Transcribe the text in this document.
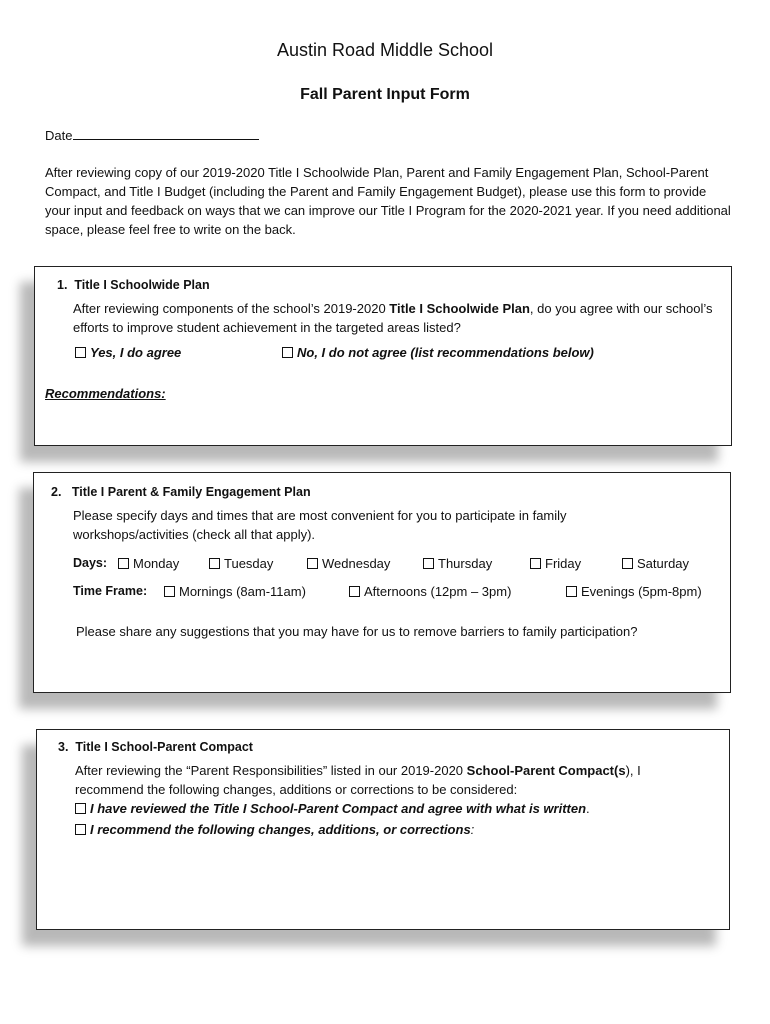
Austin Road Middle School
Fall Parent Input Form
Date
After reviewing copy of our 2019-2020 Title I Schoolwide Plan, Parent and Family Engagement Plan, School-Parent Compact, and Title I Budget (including the Parent and Family Engagement Budget), please use this form to provide your input and feedback on ways that we can improve our Title I Program for the 2020-2021 year. If you need additional space, please feel free to write on the back.
1. Title I Schoolwide Plan
After reviewing components of the school’s 2019-2020 Title I Schoolwide Plan, do you agree with our school’s efforts to improve student achievement in the targeted areas listed?
Yes, I do agree	No, I do not agree (list recommendations below)
Recommendations:
2. Title I Parent & Family Engagement Plan
Please specify days and times that are most convenient for you to participate in family workshops/activities (check all that apply).
Days:	Monday	Tuesday	Wednesday	Thursday	Friday	Saturday
Time Frame:	Mornings (8am-11am)	Afternoons (12pm – 3pm)	Evenings (5pm-8pm)
Please share any suggestions that you may have for us to remove barriers to family participation?
3. Title I School-Parent Compact
After reviewing the “Parent Responsibilities” listed in our 2019-2020 School-Parent Compact(s), I recommend the following changes, additions or corrections to be considered:
I have reviewed the Title I School-Parent Compact and agree with what is written.
I recommend the following changes, additions, or corrections:
